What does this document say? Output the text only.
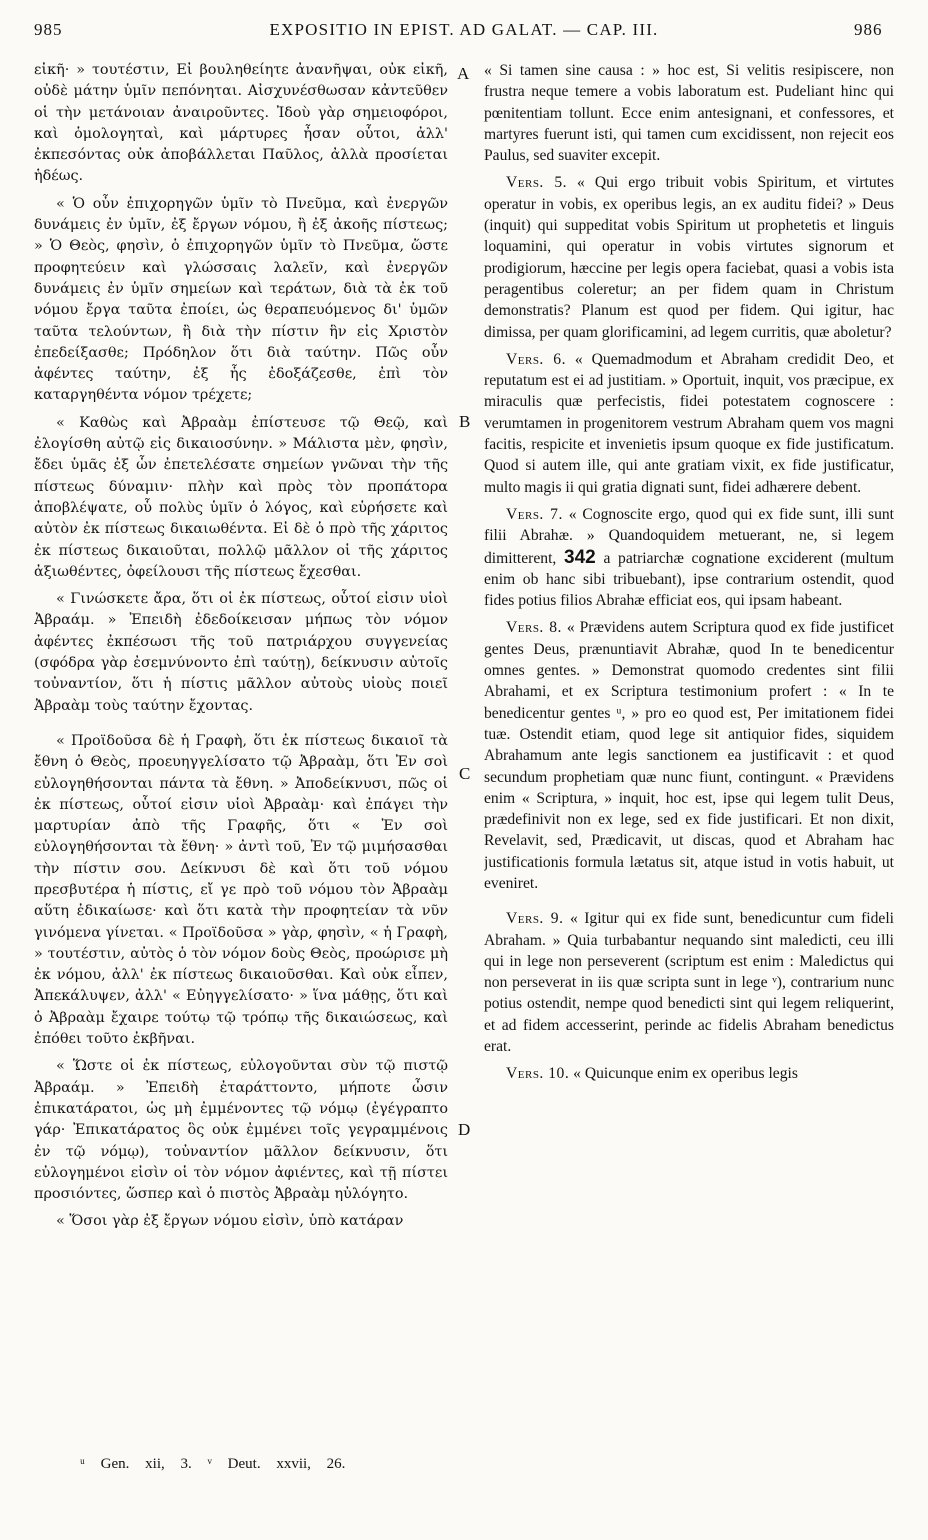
985	EXPOSITIO IN EPIST. AD GALAT. — CAP. III.	986
A
B
C
D

εἰκῆ· » τουτέστιν, Εἰ βουληθείητε ἀνανῆψαι, οὐκ εἰκῆ, οὐδὲ μάτην ὑμῖν πεπόνηται. Αἰσχυνέσθωσαν κἀντεῦθεν οἱ τὴν μετάνοιαν ἀναιροῦντες. Ἰδοὺ γὰρ σημειοφόροι, καὶ ὁμολογηταὶ, καὶ μάρτυρες ἦσαν οὗτοι, ἀλλ' ἐκπεσόντας οὐκ ἀποβάλλεται Παῦλος, ἀλλὰ προσίεται ἡδέως.

« Ὁ οὖν ἐπιχορηγῶν ὑμῖν τὸ Πνεῦμα, καὶ ἐνεργῶν δυνάμεις ἐν ὑμῖν, ἐξ ἔργων νόμου, ἢ ἐξ ἀκοῆς πίστεως; » Ὁ Θεὸς, φησὶν, ὁ ἐπιχορηγῶν ὑμῖν τὸ Πνεῦμα, ὥστε προφητεύειν καὶ γλώσσαις λαλεῖν, καὶ ἐνεργῶν δυνάμεις ἐν ὑμῖν σημείων καὶ τεράτων, διὰ τὰ ἐκ τοῦ νόμου ἔργα ταῦτα ἐποίει, ὡς θεραπευόμενος δι' ὑμῶν ταῦτα τελούντων, ἢ διὰ τὴν πίστιν ἣν εἰς Χριστὸν ἐπεδείξασθε; Πρόδηλον ὅτι διὰ ταύτην. Πῶς οὖν ἀφέντες ταύτην, ἐξ ἧς ἐδοξάζεσθε, ἐπὶ τὸν καταργηθέντα νόμον τρέχετε;

« Καθὼς καὶ Ἀβραὰμ ἐπίστευσε τῷ Θεῷ, καὶ ἐλογίσθη αὐτῷ εἰς δικαιοσύνην. » Μάλιστα μὲν, φησὶν, ἔδει ὑμᾶς ἐξ ὧν ἐπετελέσατε σημείων γνῶναι τὴν τῆς πίστεως δύναμιν· πλὴν καὶ πρὸς τὸν προπάτορα ἀποβλέψατε, οὗ πολὺς ὑμῖν ὁ λόγος, καὶ εὑρήσετε καὶ αὐτὸν ἐκ πίστεως δικαιωθέντα. Εἰ δὲ ὁ πρὸ τῆς χάριτος ἐκ πίστεως δικαιοῦται, πολλῷ μᾶλλον οἱ τῆς χάριτος ἀξιωθέντες, ὀφείλουσι τῆς πίστεως ἔχεσθαι.

« Γινώσκετε ἄρα, ὅτι οἱ ἐκ πίστεως, οὗτοί εἰσιν υἱοὶ Ἀβραάμ. » Ἐπειδὴ ἐδεδοίκεισαν μήπως τὸν νόμον ἀφέντες ἐκπέσωσι τῆς τοῦ πατριάρχου συγγενείας (σφόδρα γὰρ ἐσεμνύνοντο ἐπὶ ταύτῃ), δείκνυσιν αὐτοῖς τοὐναντίον, ὅτι ἡ πίστις μᾶλλον αὐτοὺς υἱοὺς ποιεῖ Ἀβραὰμ τοὺς ταύτην ἔχοντας.

« Προϊδοῦσα δὲ ἡ Γραφὴ, ὅτι ἐκ πίστεως δικαιοῖ τὰ ἔθνη ὁ Θεὸς, προευηγγελίσατο τῷ Ἀβραὰμ, ὅτι Ἐν σοὶ εὐλογηθήσονται πάντα τὰ ἔθνη. » Ἀποδείκνυσι, πῶς οἱ ἐκ πίστεως, οὗτοί εἰσιν υἱοὶ Ἀβραὰμ· καὶ ἐπάγει τὴν μαρτυρίαν ἀπὸ τῆς Γραφῆς, ὅτι « Ἐν σοὶ εὐλογηθήσονται τὰ ἔθνη· » ἀντὶ τοῦ, Ἐν τῷ μιμήσασθαι τὴν πίστιν σου. Δείκνυσι δὲ καὶ ὅτι τοῦ νόμου πρεσβυτέρα ἡ πίστις, εἴ γε πρὸ τοῦ νόμου τὸν Ἀβραὰμ αὕτη ἐδικαίωσε· καὶ ὅτι κατὰ τὴν προφητείαν τὰ νῦν γινόμενα γίνεται. « Προϊδοῦσα » γὰρ, φησὶν, « ἡ Γραφὴ, » τουτέστιν, αὐτὸς ὁ τὸν νόμον δοὺς Θεὸς, προώρισε μὴ ἐκ νόμου, ἀλλ' ἐκ πίστεως δικαιοῦσθαι. Καὶ οὐκ εἶπεν, Ἀπεκάλυψεν, ἀλλ' « Εὐηγγελίσατο· » ἵνα μάθῃς, ὅτι καὶ ὁ Ἀβραὰμ ἔχαιρε τούτῳ τῷ τρόπῳ τῆς δικαιώσεως, καὶ ἐπόθει τοῦτο ἐκβῆναι.

« Ὥστε οἱ ἐκ πίστεως, εὐλογοῦνται σὺν τῷ πιστῷ Ἀβραάμ. » Ἐπειδὴ ἐταράττοντο, μήποτε ὦσιν ἐπικατάρατοι, ὡς μὴ ἐμμένοντες τῷ νόμῳ (ἐγέγραπτο γάρ· Ἐπικατάρατος ὃς οὐκ ἐμμένει τοῖς γεγραμμένοις ἐν τῷ νόμῳ), τοὐναντίον μᾶλλον δείκνυσιν, ὅτι εὐλογημένοι εἰσὶν οἱ τὸν νόμον ἀφιέντες, καὶ τῇ πίστει προσιόντες, ὥσπερ καὶ ὁ πιστὸς Ἀβραὰμ ηὐλόγητο.

« Ὅσοι γὰρ ἐξ ἔργων νόμου εἰσὶν, ὑπὸ κατάραν

« Si tamen sine causa : » hoc est, Si velitis resipiscere, non frustra neque temere a vobis laboratum est. Pudeliant hinc qui pœnitentiam tollunt. Ecce enim antesignani, et confessores, et martyres fuerunt isti, qui tamen cum excidissent, non rejecit eos Paulus, sed suaviter excepit.

Vers. 5. « Qui ergo tribuit vobis Spiritum, et virtutes operatur in vobis, ex operibus legis, an ex auditu fidei? » Deus (inquit) qui suppeditat vobis Spiritum ut prophetetis et linguis loquamini, qui operatur in vobis virtutes signorum et prodigiorum, hæccine per legis opera faciebat, quasi a vobis ista peragentibus coleretur; an per fidem quam in Christum demonstratis? Planum est quod per fidem. Qui igitur, hac dimissa, per quam glorificamini, ad legem curritis, quæ aboletur?

Vers. 6. « Quemadmodum et Abraham credidit Deo, et reputatum est ei ad justitiam. » Oportuit, inquit, vos præcipue, ex miraculis quæ perfecistis, fidei potestatem cognoscere : verumtamen in progenitorem vestrum Abraham quem vos magni facitis, respicite et invenietis ipsum quoque ex fide justificatum. Quod si autem ille, qui ante gratiam vixit, ex fide justificatur, multo magis ii qui gratia dignati sunt, fidei adhærere debent.

Vers. 7. « Cognoscite ergo, quod qui ex fide sunt, illi sunt filii Abrahæ. » Quandoquidem metuerant, ne, si legem dimitterent, 342 a patriarchæ cognatione exciderent (multum enim ob hanc sibi tribuebant), ipse contrarium ostendit, quod fides potius filios Abrahæ efficiat eos, qui ipsam habeant.

Vers. 8. « Prævidens autem Scriptura quod ex fide justificet gentes Deus, prænuntiavit Abrahæ, quod In te benedicentur omnes gentes. » Demonstrat quomodo credentes sint filii Abrahami, et ex Scriptura testimonium profert : « In te benedicentur gentes ᵘ, » pro eo quod est, Per imitationem fidei tuæ. Ostendit etiam, quod lege sit antiquior fides, siquidem Abrahamum ante legis sanctionem ea justificavit : et quod secundum prophetiam quæ nunc fiunt, contingunt. « Prævidens enim « Scriptura, » inquit, hoc est, ipse qui legem tulit Deus, prædefinivit non ex lege, sed ex fide justificari. Et non dixit, Revelavit, sed, Prædicavit, ut discas, quod et Abraham hac justificationis formula lætatus sit, atque istud in votis habuit, ut eveniret.

Vers. 9. « Igitur qui ex fide sunt, benedicuntur cum fideli Abraham. » Quia turbabantur nequando sint maledicti, ceu illi qui in lege non perseverent (scriptum est enim : Maledictus qui non perseverat in iis quæ scripta sunt in lege ᵛ), contrarium nunc potius ostendit, nempe quod benedicti sint qui legem reliquerint, et ad fidem accesserint, perinde ac fidelis Abraham benedictus erat.

Vers. 10. « Quicunque enim ex operibus legis

ᵘ Gen. xii, 3. ᵛ Deut. xxvii, 26.
